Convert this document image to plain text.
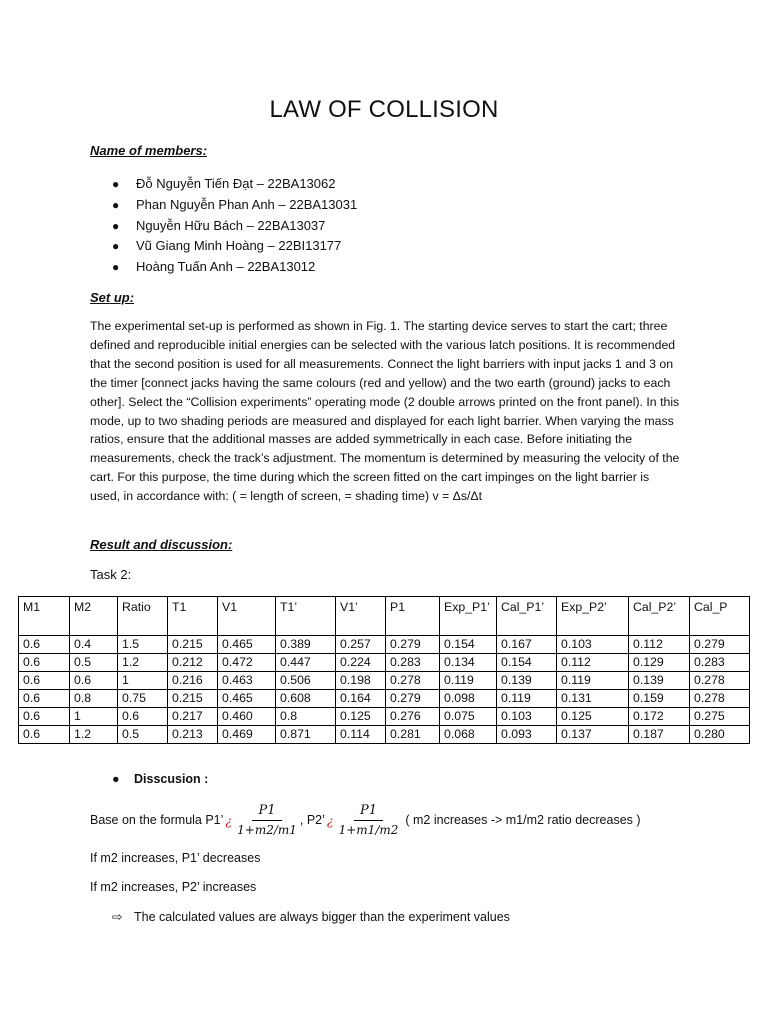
LAW OF COLLISION
Name of members:
● Đỗ Nguyễn Tiến Đạt – 22BA13062
● Phan Nguyễn Phan Anh – 22BA13031
● Nguyễn Hữu Bách – 22BA13037
● Vũ Giang Minh Hoàng – 22BI13177
● Hoàng Tuấn Anh – 22BA13012
Set up:
The experimental set-up is performed as shown in Fig. 1. The starting device serves to start the cart; three defined and reproducible initial energies can be selected with the various latch positions. It is recommended that the second position is used for all measurements. Connect the light barriers with input jacks 1 and 3 on the timer [connect jacks having the same colours (red and yellow) and the two earth (ground) jacks to each other]. Select the “Collision experiments” operating mode (2 double arrows printed on the front panel). In this mode, up to two shading periods are measured and displayed for each light barrier. When varying the mass ratios, ensure that the additional masses are added symmetrically in each case. Before initiating the measurements, check the track’s adjustment. The momentum is determined by measuring the velocity of the cart. For this purpose, the time during which the screen fitted on the cart impinges on the light barrier is used, in accordance with: ( = length of screen, = shading time) v = Δs/Δt
Result and discussion:
Task 2:
M1	M2	Ratio	T1	V1	T1’	V1’	P1	Exp_P1’	Cal_P1’	Exp_P2’	Cal_P2’	Cal_P
0.6	0.4	1.5	0.215	0.465	0.389	0.257	0.279	0.154	0.167	0.103	0.112	0.279
0.6	0.5	1.2	0.212	0.472	0.447	0.224	0.283	0.134	0.154	0.112	0.129	0.283
0.6	0.6	1	0.216	0.463	0.506	0.198	0.278	0.119	0.139	0.119	0.139	0.278
0.6	0.8	0.75	0.215	0.465	0.608	0.164	0.279	0.098	0.119	0.131	0.159	0.278
0.6	1	0.6	0.217	0.460	0.8	0.125	0.276	0.075	0.103	0.125	0.172	0.275
0.6	1.2	0.5	0.213	0.469	0.871	0.114	0.281	0.068	0.093	0.137	0.187	0.280
● Disscusion :
Base on the formula P1’ ¿ $\frac{P1}{1+m2/m1}$ , P2’ ¿ $\frac{P1}{1+m1/m2}$ ( m2 increases -> m1/m2 ratio decreases )
If m2 increases, P1’ decreases
If m2 increases, P2’ increases
⇨ The calculated values are always bigger than the experiment values
